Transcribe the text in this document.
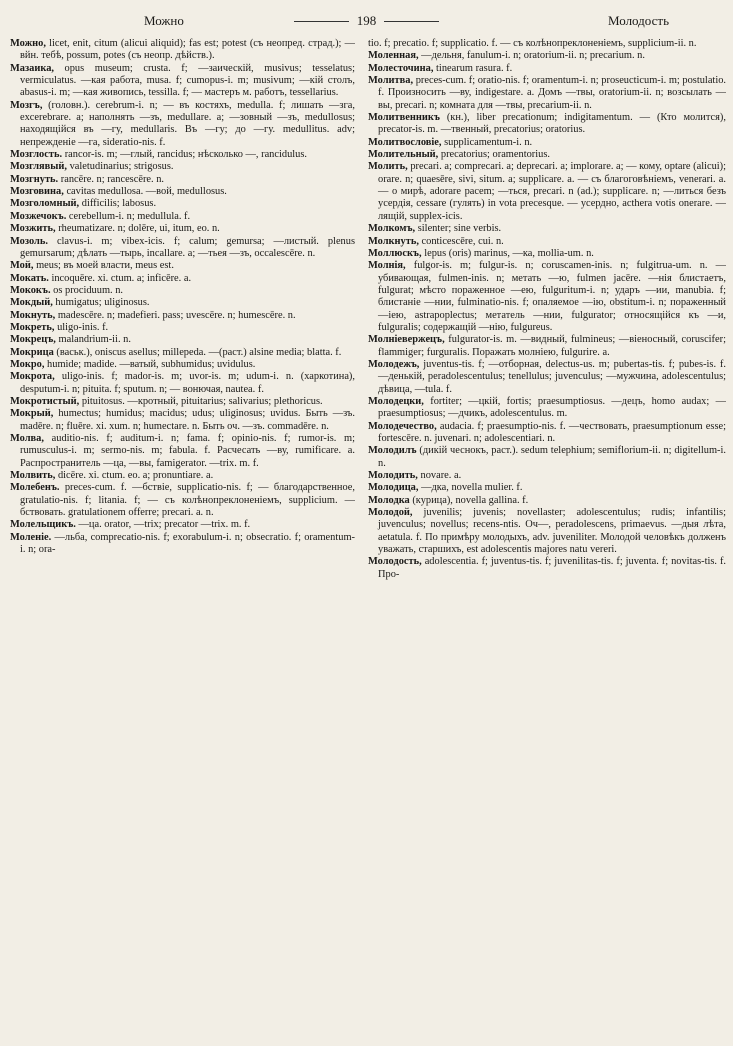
Можно	198	Молодость

Можно, licet, enit, citum (alicui aliquid); fas est; potest (съ неопред. страд.); — вйн. тебѣ, possum, potes (съ неопр. дѣйств.).

Мазаика, opus musеum; crusta. f; —заическій, musivus; tesselatus; vermiculatus. —кая работа, musa. f; cumopus-i. m; musivum; —кій столъ, abasus-i. m; —кая живопись, tessilla. f; — мастеръ м. работъ, tessellarius.

Мозгъ, (головн.). cerebrum-i. n; — въ костяхъ, medulla. f; лишать —зга, excerebrare. a; наполнять —зъ, medullare. a; —зовный —зъ, medullosus; находящійся въ —гу, medullaris. Въ —гу; до —гу. medullitus. adv; непрежденіе —га, sideratio-nis. f.

Мозглость. rancor-is. m; —глый, rancidus; нѣсколько —, rancidulus.

Мозглявый, valetudinarius; strigosus.

Мозгнуть. rancēre. n; rancescēre. n.

Мозговина, cavitas medullosa. —вой, medullosus.

Мозголомный, difficilis; labosus.

Мозжечокъ. cerebellum-i. n; medullula. f.

Мозжить, rheumatizare. n; dolēre, ui, itum, eo. n.

Мозоль. clavus-i. m; vibex-icis. f; calum; gemursa; —листый. plenus gemursarum; дѣлать —тырь, incallare. a; —тьея —зъ, occalescēre. n.

Мой, meus; въ моей власти, meus est.

Мокать. incoquēre. xi. ctum. a; inficēre. a.

Мококъ. os prociduum. n.

Мокдый, humigatus; uliginosus.

Мокнуть, madescēre. n; madefieri. pass; uvescēre. n; humescēre. n.

Мокреть, uligo-inis. f.

Мокрецъ, malandrium-ii. n.

Мокрица (васьк.), oniscus asellus; millepeda. —(раст.) alsine media; blatta. f.

Мокро, humide; madide. —ватый, subhumidus; uvidulus.

Мокрота, uligo-inis. f; mador-is. m; uvor-is. m; udum-i. n. (харкотина), desputum-i. n; pituita. f; sputum. n; — вонючая, nautea. f.

Мокротистый, pituitosus. —кротный, pituitarius; salivarius; plethoricus.

Мокрый, humectus; humidus; macidus; udus; uliginosus; uvidus. Быть —зъ. madēre. n; fluēre. xi. xum. n; humectare. n. Быть оч. —зъ. commadēre. n.

Молва, auditio-nis. f; auditum-i. n; fama. f; opinio-nis. f; rumor-is. m; rumusculus-i. m; sermo-nis. m; fabula. f. Расчесать —ву, rumificare. a. Распространитель —ца, —вы, famigerator. —trix. m. f.

Молвить, dicēre. xi. ctum. eo. a; pronuntiare. a.

Молебенъ. preces-cum. f. —бствіе, supplicatio-nis. f; — благодарственное, gratulatio-nis. f; litania. f; — съ колѣнопреклоненіемъ, supplicium. —бствовать. gratulationem offerre; precari. a. n.

Молельщикъ. —ца. orator, —trix; precator —trix. m. f.

Моленіе. —льба, comprecatio-nis. f; exorabulum-i. n; obsecratio. f; oramentum-i. n; ora-

tio. f; precatio. f; supplicatio. f. — съ колѣнопреклоненіемъ, supplicium-ii. n.

Моленная, —дельня, fanulum-i. n; oratorium-ii. n; precarium. n.

Молесточина, tinearum rasura. f.

Молитва, preces-cum. f; oratio-nis. f; oramentum-i. n; proseucticum-i. m; postulatio. f. Произносить —ву, indigestare. a. Домъ —твы, oratorium-ii. n; возсылать —вы, precari. n; комната для —твы, precarium-ii. n.

Молитвенникъ (кн.), liber precationum; indigitamentum. — (Кто молится), precator-is. m. —твенный, precatorius; oratorius.

Молитвословіе, supplicamentum-i. n.

Молительный, precatorius; oramentorius.

Молить, precari. a; comprecari. a; deprecari. a; implorare. a; — кому, optare (alicui); orare. n; quaesēre, sivi, situm. a; supplicare. a. — съ благоговѣніемъ, venerari. a. — о мирѣ, adorare pacem; —ться, precari. n (ad.); supplicare. n; —литься безъ усердія, cessare (гулять) in vota precesque. — усердно, acthera votis onerare. —лящій, supplex-icis.

Молкомъ, silenter; sine verbis.

Молкнуть, conticescēre, cui. n.

Моллюскъ, lepus (oris) marinus, —ка, mollia-um. n.

Молнія, fulgor-is. m; fulgur-is. n; coruscamen-inis. n; fulgitrua-um. n. — убивающая, fulmen-inis. n; метать —ю, fulmen jacēre. —нія блистаетъ, fulgurat; мѣсто пораженное —ею, fulguritum-i. n; ударъ —ии, manubia. f; блистаніе —нии, fulminatio-nis. f; опаляемое —ію, obstitum-i. n; пораженный —іею, astrapoplectus; метатель —нии, fulgurator; относящійся къ —и, fulguralis; содержащій —нію, fulgureus.

Молніевержецъ, fulgurator-is. m. —видный, fulmineus; —віеносный, coruscifer; flammiger; furguralis. Поражать молніею, fulgurire. a.

Молодежъ, juventus-tis. f; —отборная, delectus-us. m; pubertas-tis. f; pubes-is. f. —денькій, peradolescentulus; tenellulus; juvenculus; —мужчина, adolescentulus; дѣвица, —tula. f.

Молодецки, fortiter; —цкій, fortis; praesumptiosus. —децъ, homo audax; —praesumptiosus; —дчикъ, adolescentulus. m.

Молодечество, audacia. f; praesumptio-nis. f. —чествовать, praesumptionum esse; fortescēre. n. juvenari. n; adolescentiari. n.

Молодилъ (дикій чеснокъ, раст.). sedum telephium; semiflorium-ii. n; digitellum-i. n.

Молодить, novare. a.

Молодица, —дка, novella mulier. f.

Молодка (курица), novella gallina. f.

Молодой, juvenilis; juvenis; novellaster; adolescentulus; rudis; infantilis; juvenculus; novellus; recens-ntis. Оч—, peradolescens, primaevus. —дыя лѣта, aetatula. f. По примѣру молодыхъ, adv. juveniliter. Молодой человѣкъ долженъ уважать, старшихъ, est adolescentis majores natu vereri.

Молодость, adolescentia. f; juventus-tis. f; juvenilitas-tis. f; juventa. f; novitas-tis. f. Про-
